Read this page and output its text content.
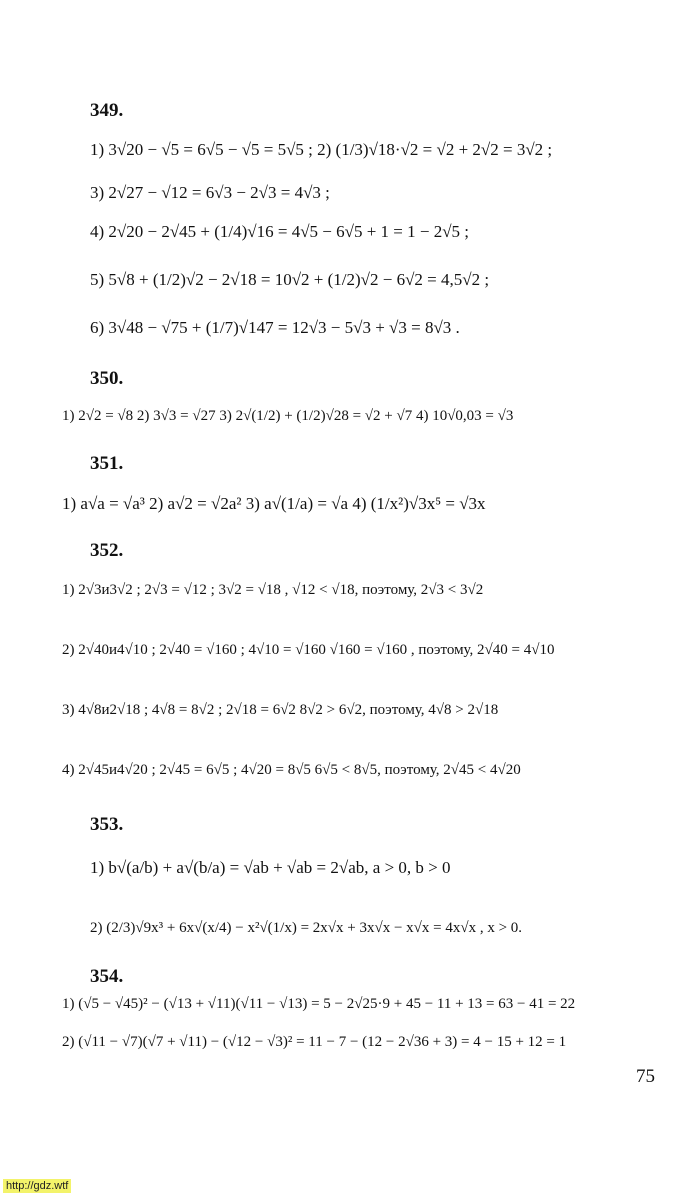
349.
1) 3√20 − √5 = 6√5 − √5 = 5√5 ; 2) (1/3)√18·√2 = √2 + 2√2 = 3√2 ;
3) 2√27 − √12 = 6√3 − 2√3 = 4√3 ;
4) 2√20 − 2√45 + (1/4)√16 = 4√5 − 6√5 + 1 = 1 − 2√5 ;
5) 5√8 + (1/2)√2 − 2√18 = 10√2 + (1/2)√2 − 6√2 = 4,5√2 ;
6) 3√48 − √75 + (1/7)√147 = 12√3 − 5√3 + √3 = 8√3 .
350.
1) 2√2 = √8 2) 3√3 = √27 3) 2√(1/2) + (1/2)√28 = √2 + √7 4) 10√0,03 = √3
351.
1) a√a = √a³ 2) a√2 = √2a² 3) a√(1/a) = √a 4) (1/x²)√3x⁵ = √3x
352.
1) 2√3и3√2 ; 2√3 = √12 ; 3√2 = √18 , √12 < √18, поэтому, 2√3 < 3√2
2) 2√40и4√10 ; 2√40 = √160 ; 4√10 = √160 √160 = √160 , поэтому, 2√40 = 4√10
3) 4√8и2√18 ; 4√8 = 8√2 ; 2√18 = 6√2 8√2 > 6√2, поэтому, 4√8 > 2√18
4) 2√45и4√20 ; 2√45 = 6√5 ; 4√20 = 8√5 6√5 < 8√5, поэтому, 2√45 < 4√20
353.
1) b√(a/b) + a√(b/a) = √ab + √ab = 2√ab, a > 0, b > 0
2) (2/3)√9x³ + 6x√(x/4) − x²√(1/x) = 2x√x + 3x√x − x√x = 4x√x , x > 0.
354.
1) (√5 − √45)² − (√13 + √11)(√11 − √13) = 5 − 2√25·9 + 45 − 11 + 13 = 63 − 41 = 22
2) (√11 − √7)(√7 + √11) − (√12 − √3)² = 11 − 7 − (12 − 2√36 + 3) = 4 − 15 + 12 = 1
75
http://gdz.wtf
